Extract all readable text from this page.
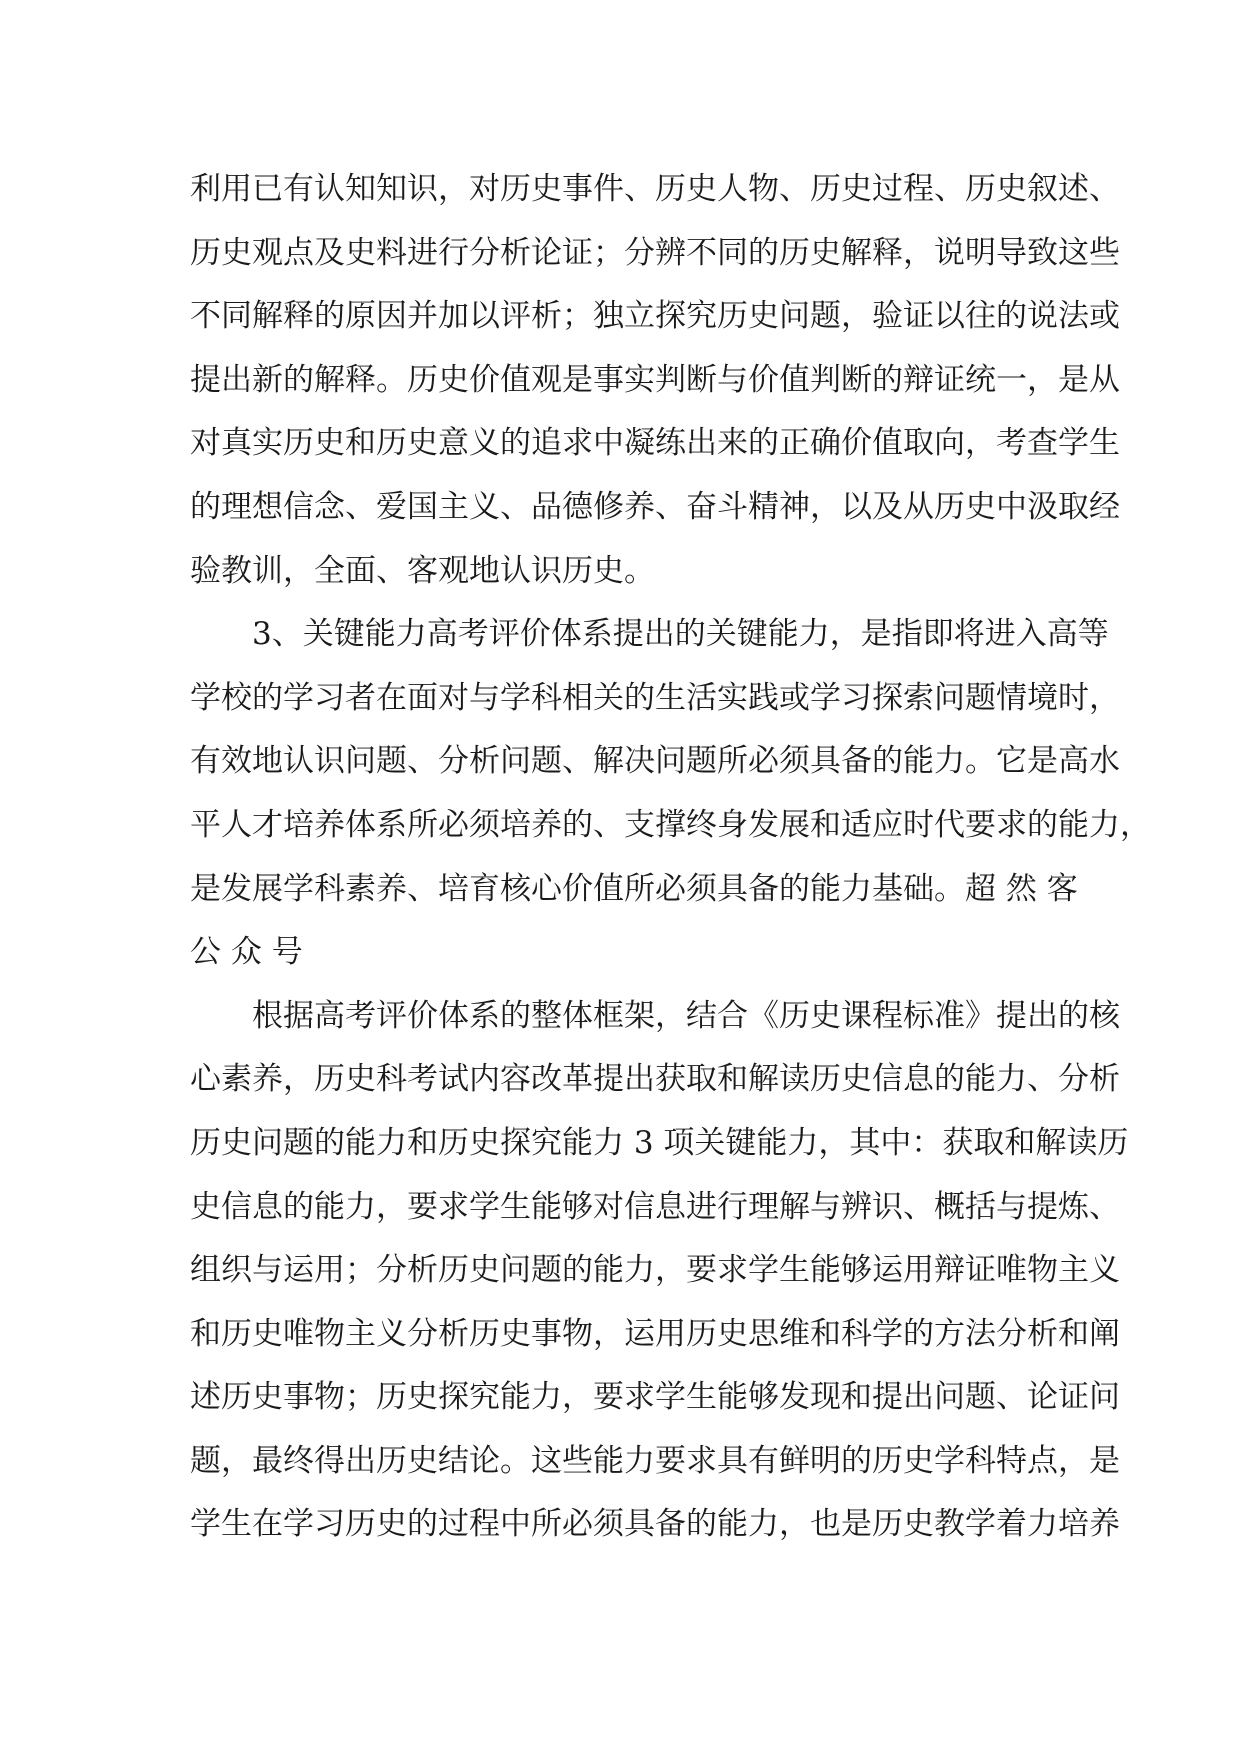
利用已有认知知识，对历史事件、历史人物、历史过程、历史叙述、
历史观点及史料进行分析论证；分辨不同的历史解释，说明导致这些
不同解释的原因并加以评析；独立探究历史问题，验证以往的说法或
提出新的解释。历史价值观是事实判断与价值判断的辩证统一，是从
对真实历史和历史意义的追求中凝练出来的正确价值取向，考查学生
的理想信念、爱国主义、品德修养、奋斗精神，以及从历史中汲取经
验教训，全面、客观地认识历史。
3、关键能力高考评价体系提出的关键能力，是指即将进入高等
学校的学习者在面对与学科相关的生活实践或学习探索问题情境时，
有效地认识问题、分析问题、解决问题所必须具备的能力。它是高水
平人才培养体系所必须培养的、支撑终身发展和适应时代要求的能力，
是发展学科素养、培育核心价值所必须具备的能力基础。超 然 客
公 众 号
根据高考评价体系的整体框架，结合《历史课程标准》提出的核
心素养，历史科考试内容改革提出获取和解读历史信息的能力、分析
历史问题的能力和历史探究能力 3 项关键能力，其中：获取和解读历
史信息的能力，要求学生能够对信息进行理解与辨识、概括与提炼、
组织与运用；分析历史问题的能力，要求学生能够运用辩证唯物主义
和历史唯物主义分析历史事物，运用历史思维和科学的方法分析和阐
述历史事物；历史探究能力，要求学生能够发现和提出问题、论证问
题，最终得出历史结论。这些能力要求具有鲜明的历史学科特点，是
学生在学习历史的过程中所必须具备的能力，也是历史教学着力培养
